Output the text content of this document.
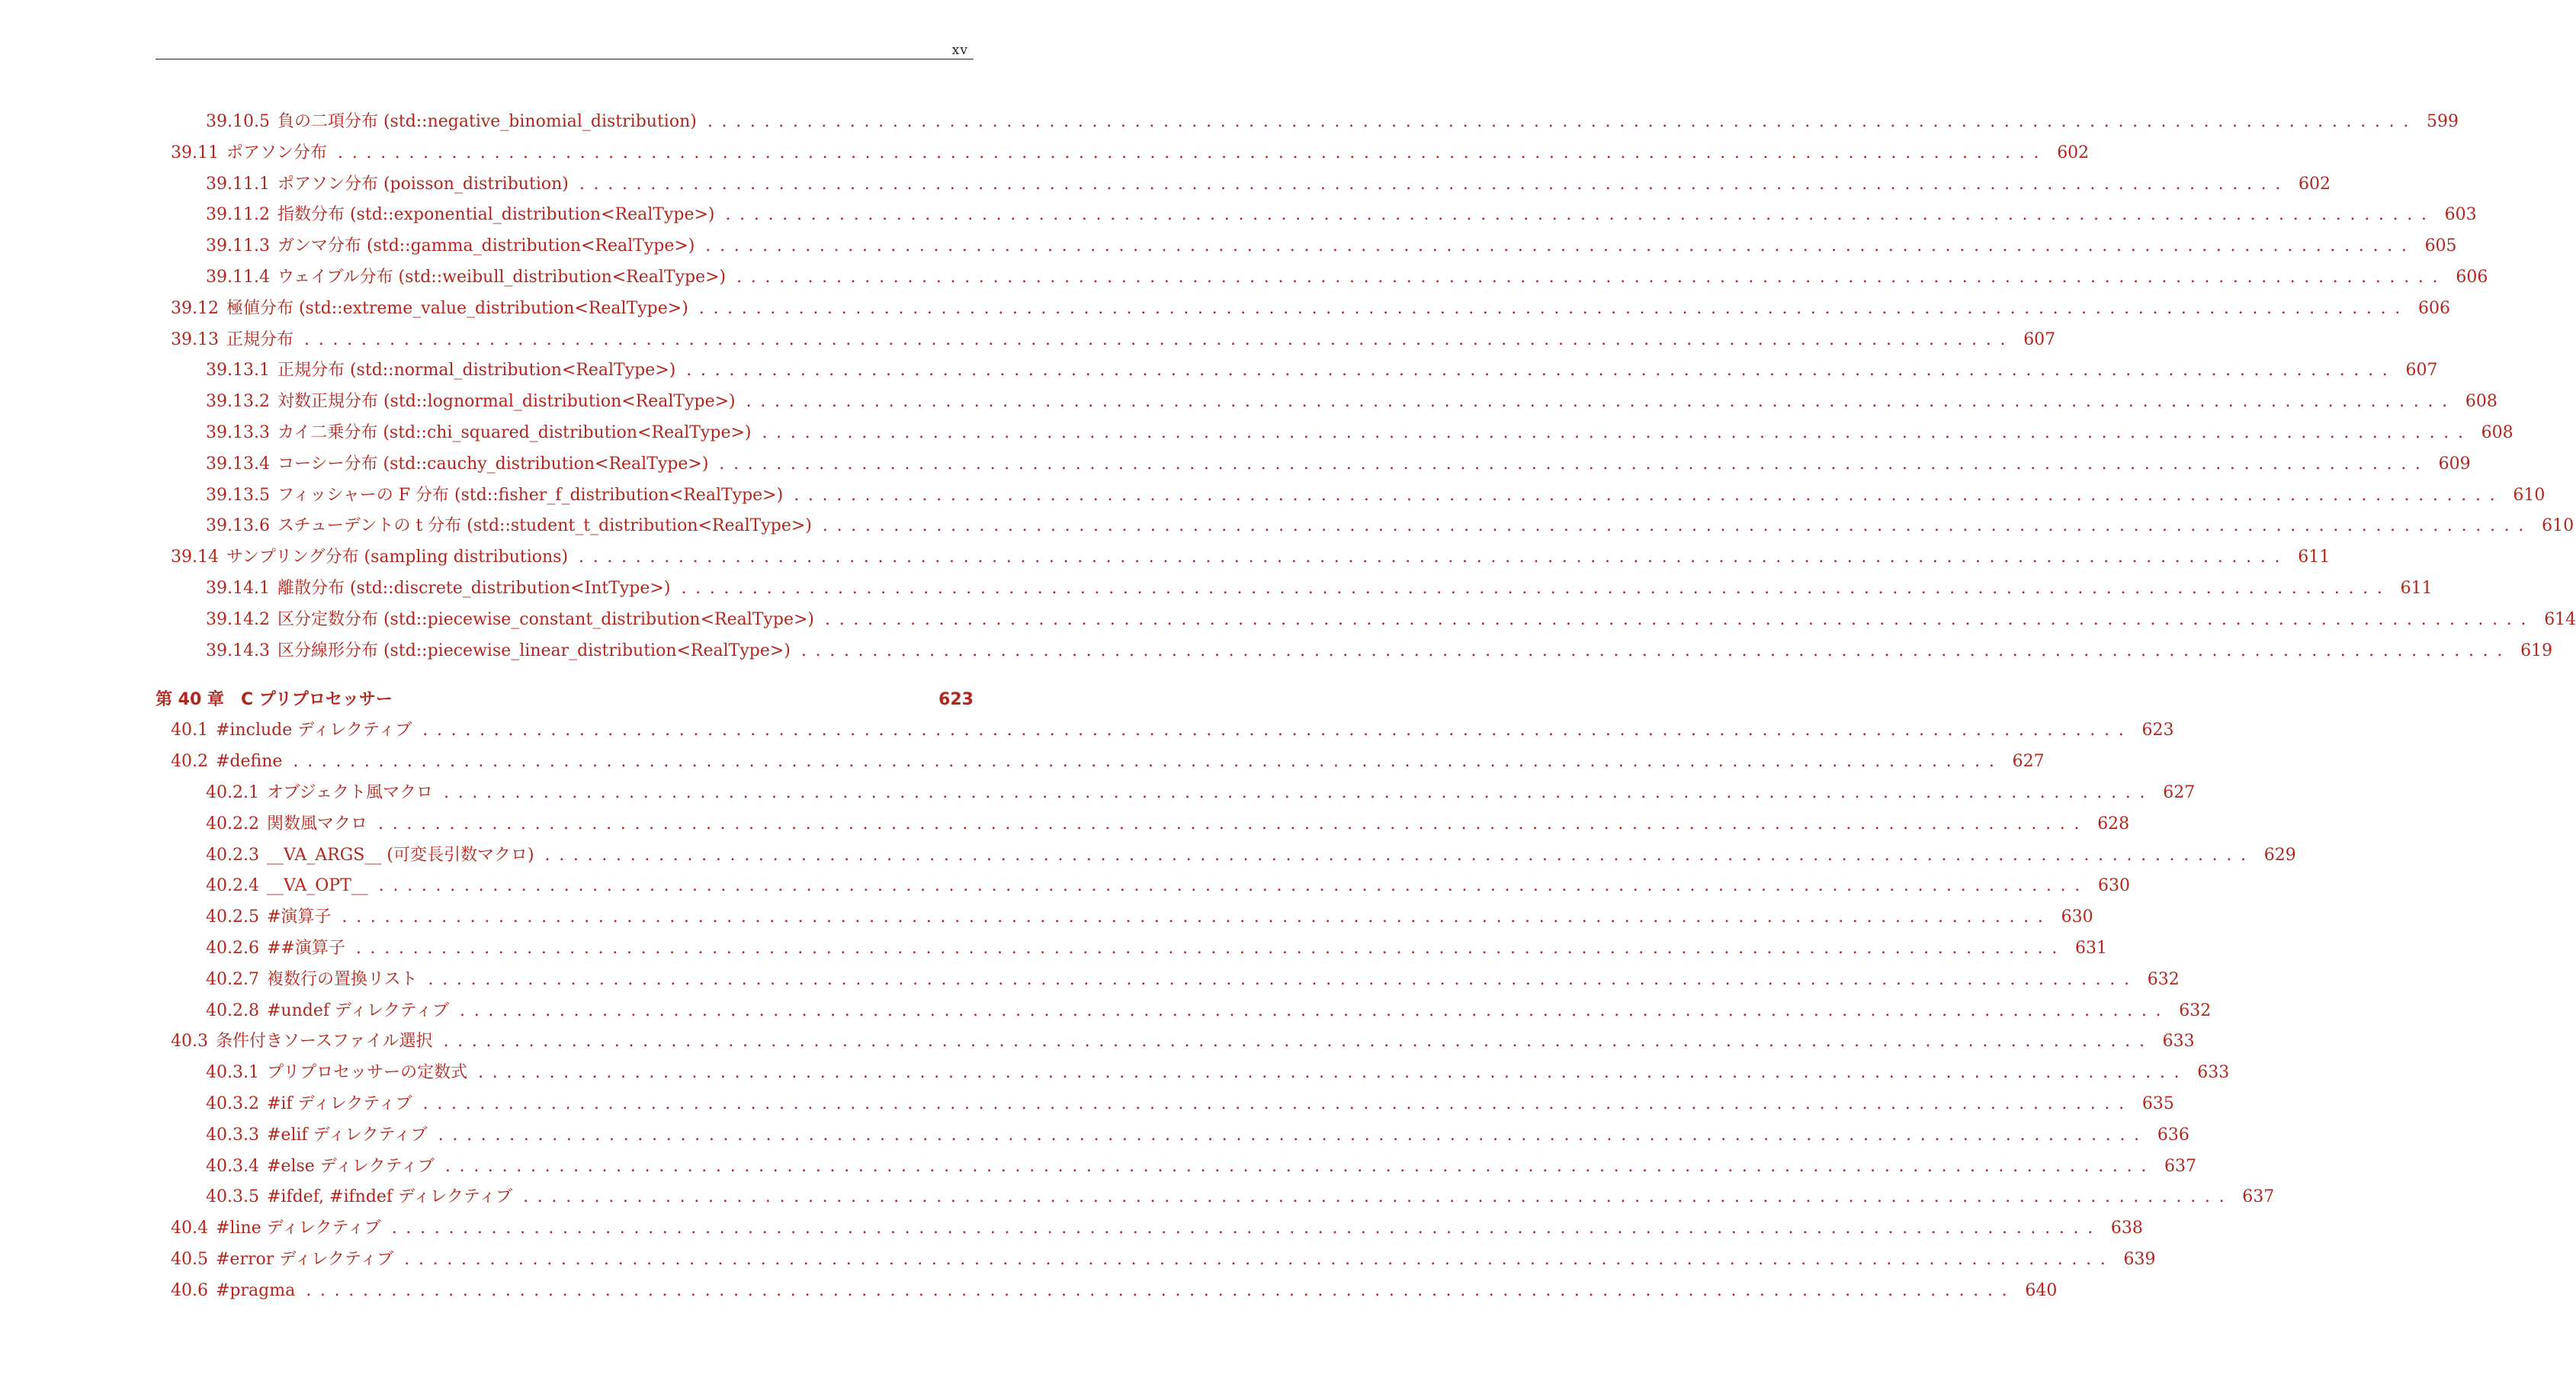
xv
39.10.5 負の二項分布 (std::negative_binomial_distribution) ........................................................................................................................ 599
39.11 ポアソン分布 ........................................................................................................................ 602
39.11.1 ポアソン分布 (poisson_distribution) ........................................................................................................................ 602
39.11.2 指数分布 (std::exponential_distribution<RealType>) ........................................................................................................................ 603
39.11.3 ガンマ分布 (std::gamma_distribution<RealType>) ........................................................................................................................ 605
39.11.4 ウェイブル分布 (std::weibull_distribution<RealType>) ........................................................................................................................ 606
39.12 極値分布 (std::extreme_value_distribution<RealType>) ........................................................................................................................ 606
39.13 正規分布 ........................................................................................................................ 607
39.13.1 正規分布 (std::normal_distribution<RealType>) ........................................................................................................................ 607
39.13.2 対数正規分布 (std::lognormal_distribution<RealType>) ........................................................................................................................ 608
39.13.3 カイ二乗分布 (std::chi_squared_distribution<RealType>) ........................................................................................................................ 608
39.13.4 コーシー分布 (std::cauchy_distribution<RealType>) ........................................................................................................................ 609
39.13.5 フィッシャーの F 分布 (std::fisher_f_distribution<RealType>) ........................................................................................................................ 610
39.13.6 スチューデントの t 分布 (std::student_t_distribution<RealType>) ........................................................................................................................ 610
39.14 サンプリング分布 (sampling distributions) ........................................................................................................................ 611
39.14.1 離散分布 (std::discrete_distribution<IntType>) ........................................................................................................................ 611
39.14.2 区分定数分布 (std::piecewise_constant_distribution<RealType>) ........................................................................................................................ 614
39.14.3 区分線形分布 (std::piecewise_linear_distribution<RealType>) ........................................................................................................................ 619
第 40 章	C プリプロセッサー	623
40.1 #include ディレクティブ ........................................................................................................................ 623
40.2 #define ........................................................................................................................ 627
40.2.1 オブジェクト風マクロ ........................................................................................................................ 627
40.2.2 関数風マクロ ........................................................................................................................ 628
40.2.3 __VA_ARGS__ (可変長引数マクロ) ........................................................................................................................ 629
40.2.4 __VA_OPT__ ........................................................................................................................ 630
40.2.5 #演算子 ........................................................................................................................ 630
40.2.6 ##演算子 ........................................................................................................................ 631
40.2.7 複数行の置換リスト ........................................................................................................................ 632
40.2.8 #undef ディレクティブ ........................................................................................................................ 632
40.3 条件付きソースファイル選択 ........................................................................................................................ 633
40.3.1 プリプロセッサーの定数式 ........................................................................................................................ 633
40.3.2 #if ディレクティブ ........................................................................................................................ 635
40.3.3 #elif ディレクティブ ........................................................................................................................ 636
40.3.4 #else ディレクティブ ........................................................................................................................ 637
40.3.5 #ifdef, #ifndef ディレクティブ ........................................................................................................................ 637
40.4 #line ディレクティブ ........................................................................................................................ 638
40.5 #error ディレクティブ ........................................................................................................................ 639
40.6 #pragma ........................................................................................................................ 640
